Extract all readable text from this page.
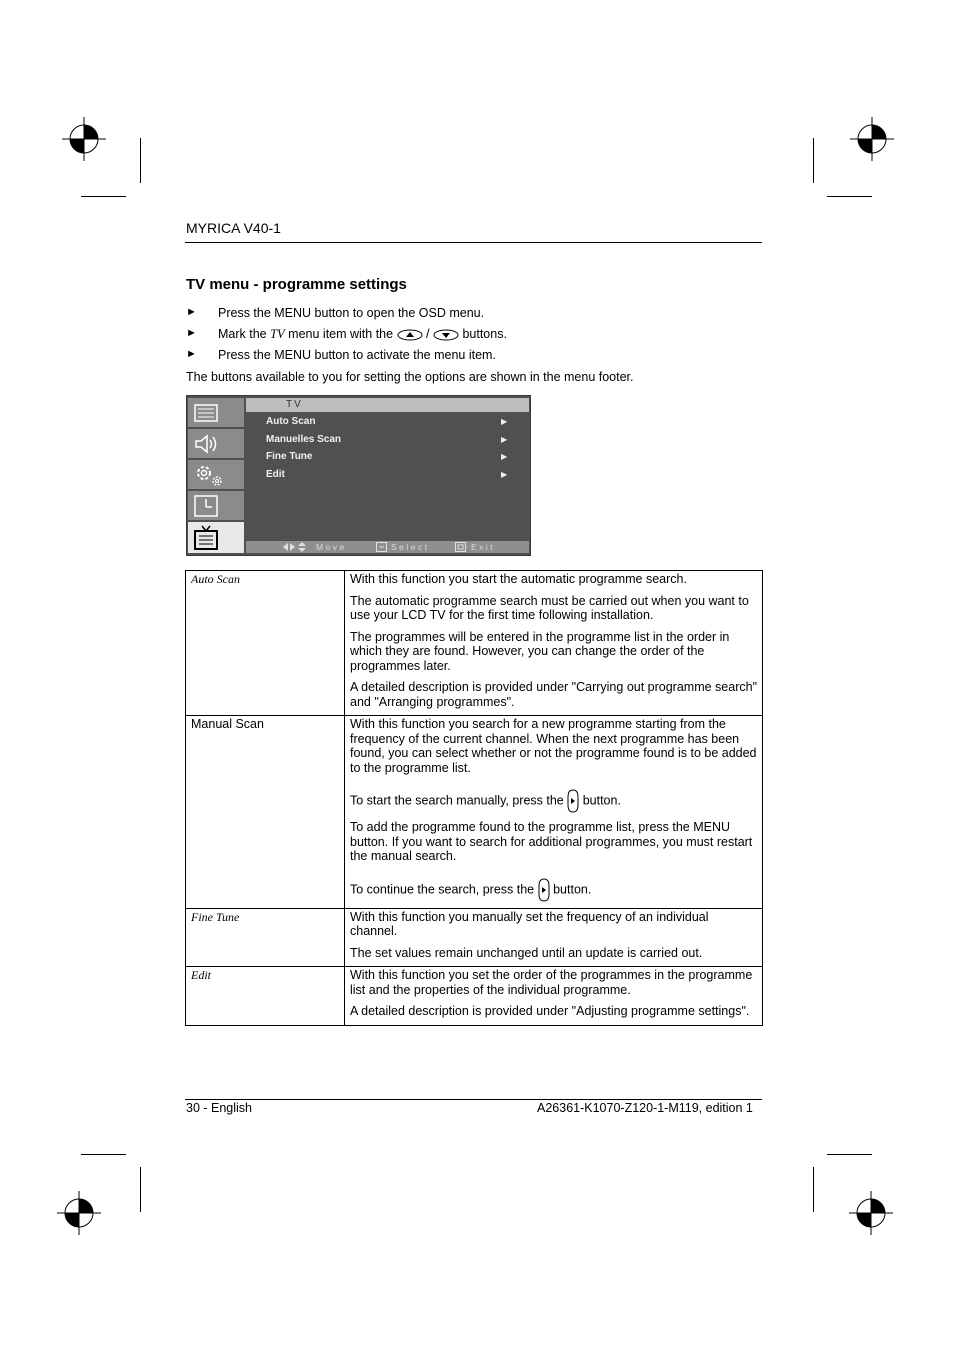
MYRICA V40-1
TV menu - programme settings
► Press the MENU button to open the OSD menu.
► Mark the TV menu item with the  /  buttons.
► Press the MENU button to activate the menu item.
The buttons available to you for setting the options are shown in the menu footer.
TV
Auto Scan	▶
Manuelles Scan	▶
Fine Tune	▶
Edit	▶
Move	Select	Exit
Auto Scan	With this function you start the automatic programme search.

The automatic programme search must be carried out when you want to use your LCD TV for the first time following installation.

The programmes will be entered in the programme list in the order in which they are found. However, you can change the order of the programmes later.

A detailed description is provided under "Carrying out programme search" and "Arranging programmes".

Manual Scan	With this function you search for a new programme starting from the frequency of the current channel. When the next programme has been found, you can select whether or not the programme found is to be added to the programme list.

To start the search manually, press the  button.

To add the programme found to the programme list, press the MENU button. If you want to search for additional programmes, you must restart the manual search.

To continue the search, press the  button.

Fine Tune	With this function you manually set the frequency of an individual channel.

The set values remain unchanged until an update is carried out.

Edit	With this function you set the order of the programmes in the programme list and the properties of the individual programme.

A detailed description is provided under "Adjusting programme settings".

30 - English	A26361-K1070-Z120-1-M119, edition 1
